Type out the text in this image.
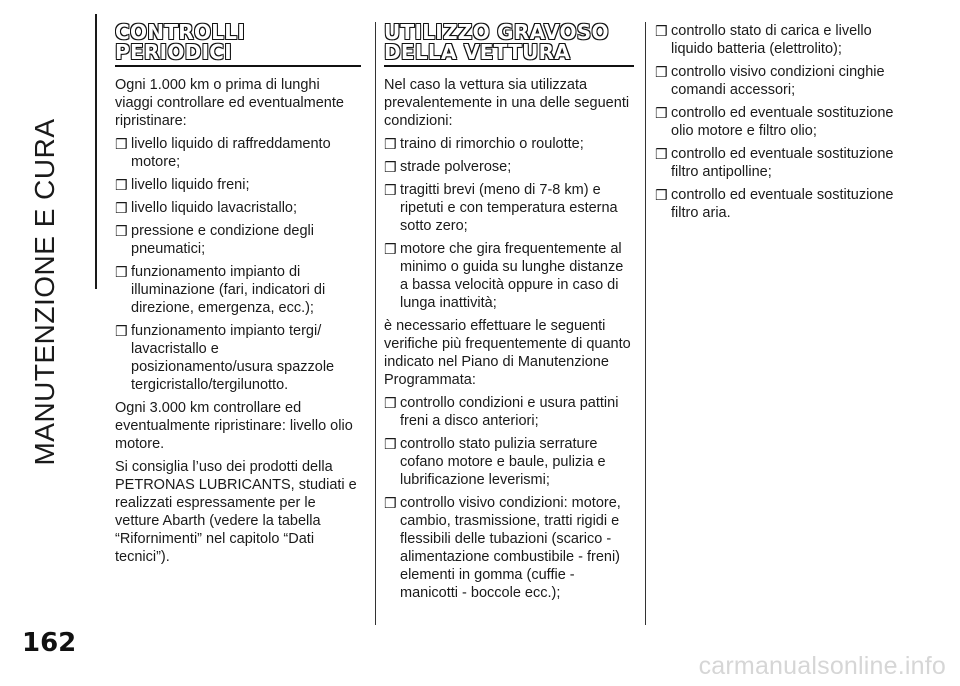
MANUTENZIONE E CURA
CONTROLLI
PERIODICI

Ogni 1.000 km o prima di lunghi viaggi controllare ed eventualmente ripristinare:

❒ livello liquido di raffreddamento motore;
❒ livello liquido freni;
❒ livello liquido lavacristallo;
❒ pressione e condizione degli pneumatici;
❒ funzionamento impianto di illuminazione (fari, indicatori di direzione, emergenza, ecc.);
❒ funzionamento impianto tergi/ lavacristallo e posizionamento/usura spazzole tergicristallo/tergilunotto.

Ogni 3.000 km controllare ed eventualmente ripristinare: livello olio motore.

Si consiglia l’uso dei prodotti della PETRONAS LUBRICANTS, studiati e realizzati espressamente per le vetture Abarth (vedere la tabella “Rifornimenti” nel capitolo “Dati tecnici”).

UTILIZZO GRAVOSO
DELLA VETTURA

Nel caso la vettura sia utilizzata prevalentemente in una delle seguenti condizioni:

❒ traino di rimorchio o roulotte;
❒ strade polverose;
❒ tragitti brevi (meno di 7-8 km) e ripetuti e con temperatura esterna sotto zero;
❒ motore che gira frequentemente al minimo o guida su lunghe distanze a bassa velocità oppure in caso di lunga inattività;

è necessario effettuare le seguenti verifiche più frequentemente di quanto indicato nel Piano di Manutenzione Programmata:

❒ controllo condizioni e usura pattini freni a disco anteriori;
❒ controllo stato pulizia serrature cofano motore e baule, pulizia e lubrificazione leverismi;
❒ controllo visivo condizioni: motore, cambio, trasmissione, tratti rigidi e flessibili delle tubazioni (scarico - alimentazione combustibile - freni) elementi in gomma (cuffie - manicotti - boccole ecc.);
❒ controllo stato di carica e livello liquido batteria (elettrolito);
❒ controllo visivo condizioni cinghie comandi accessori;
❒ controllo ed eventuale sostituzione olio motore e filtro olio;
❒ controllo ed eventuale sostituzione filtro antipolline;
❒ controllo ed eventuale sostituzione filtro aria.
162
carmanualsonline.info
